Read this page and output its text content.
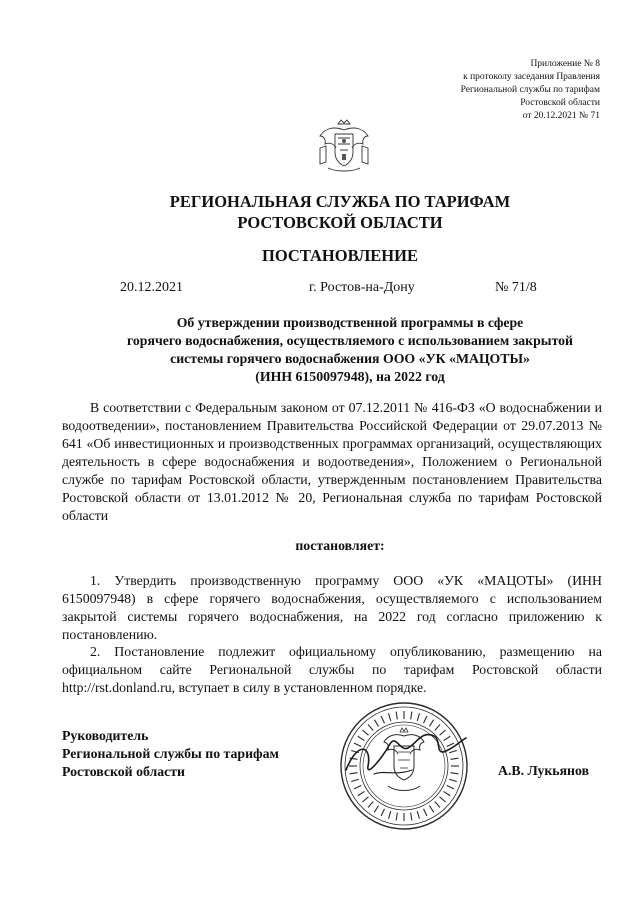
Приложение № 8
к протоколу заседания Правления
Региональной службы по тарифам
Ростовской области
от 20.12.2021 № 71
РЕГИОНАЛЬНАЯ СЛУЖБА ПО ТАРИФАМ
РОСТОВСКОЙ ОБЛАСТИ
ПОСТАНОВЛЕНИЕ
20.12.2021	г. Ростов-на-Дону	№ 71/8
Об утверждении производственной программы в сфере
горячего водоснабжения, осуществляемого с использованием закрытой
системы горячего водоснабжения ООО «УК «МАЦОТЫ»
(ИНН 6150097948), на 2022 год
В соответствии с Федеральным законом от 07.12.2011 № 416-ФЗ «О водоснабжении и водоотведении», постановлением Правительства Российской Федерации от 29.07.2013 № 641 «Об инвестиционных и производственных программах организаций, осуществляющих деятельность в сфере водоснабжения и водоотведения», Положением о Региональной службе по тарифам Ростовской области, утвержденным постановлением Правительства Ростовской области от 13.01.2012 № 20, Региональная служба по тарифам Ростовской области
постановляет:
1. Утвердить производственную программу ООО «УК «МАЦОТЫ» (ИНН 6150097948) в сфере горячего водоснабжения, осуществляемого с использованием закрытой системы горячего водоснабжения, на 2022 год согласно приложению к постановлению.
2. Постановление подлежит официальному опубликованию, размещению на официальном сайте Региональной службы по тарифам Ростовской области http://rst.donland.ru, вступает в силу в установленном порядке.
Руководитель
Региональной службы по тарифам
Ростовской области	А.В. Лукьянов
